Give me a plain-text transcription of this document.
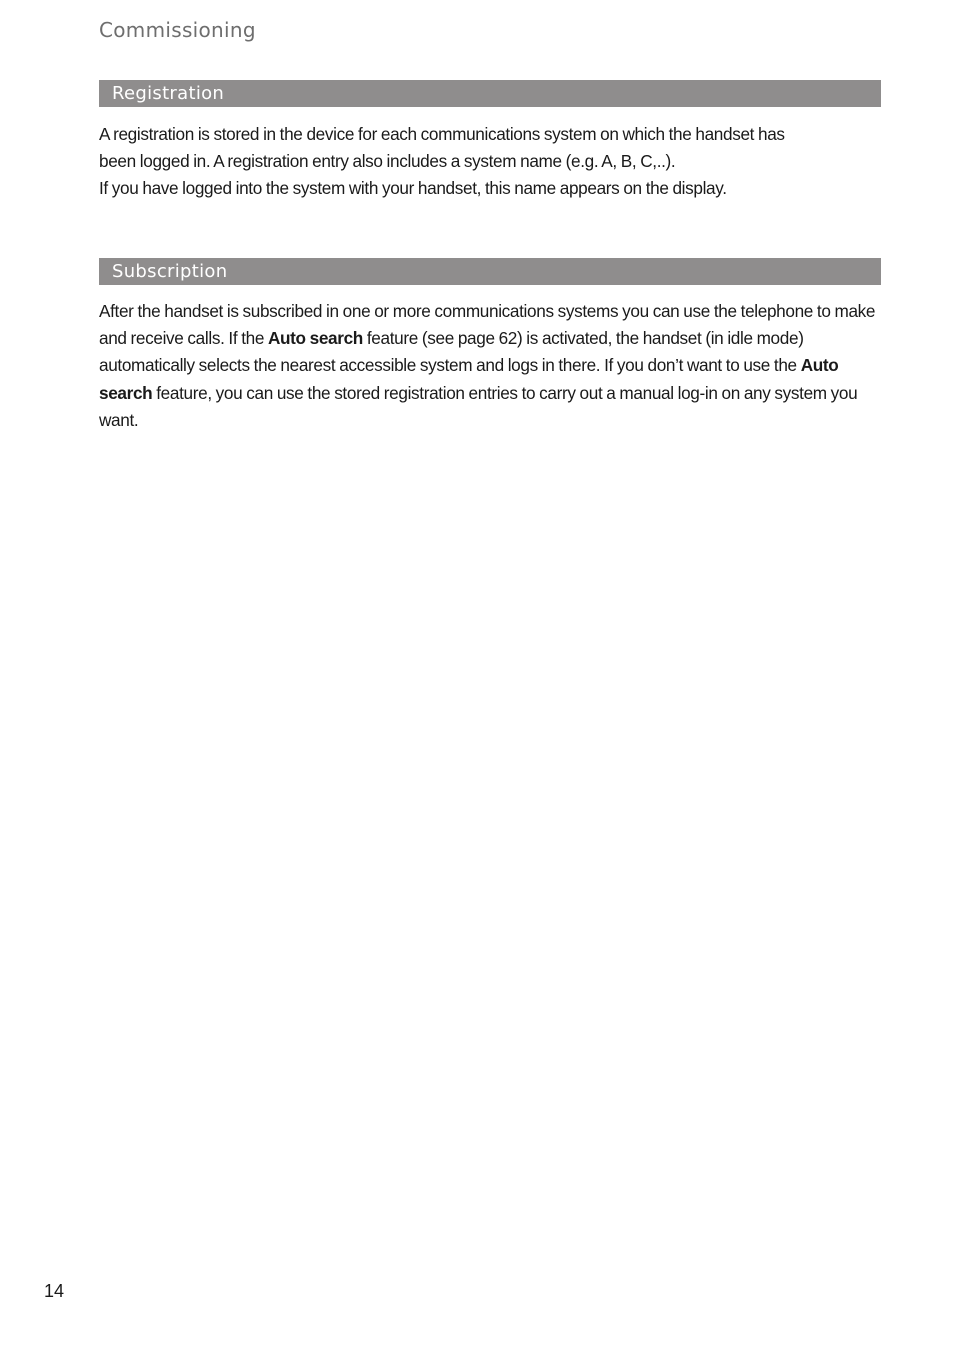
Commissioning
Registration

A registration is stored in the device for each communications system on which the handset has

been logged in. A registration entry also includes a system name (e.g. A, B, C,..).

If you have logged into the system with your handset, this name appears on the display.

Subscription

After the handset is subscribed in one or more communications systems you can use the telephone to make and receive calls. If the Auto search feature (see page 62) is activated, the handset (in idle mode) automatically selects the nearest accessible system and logs in there. If you don’t want to use the Auto search feature, you can use the stored registration entries to carry out a manual log-in on any system you want.

14
